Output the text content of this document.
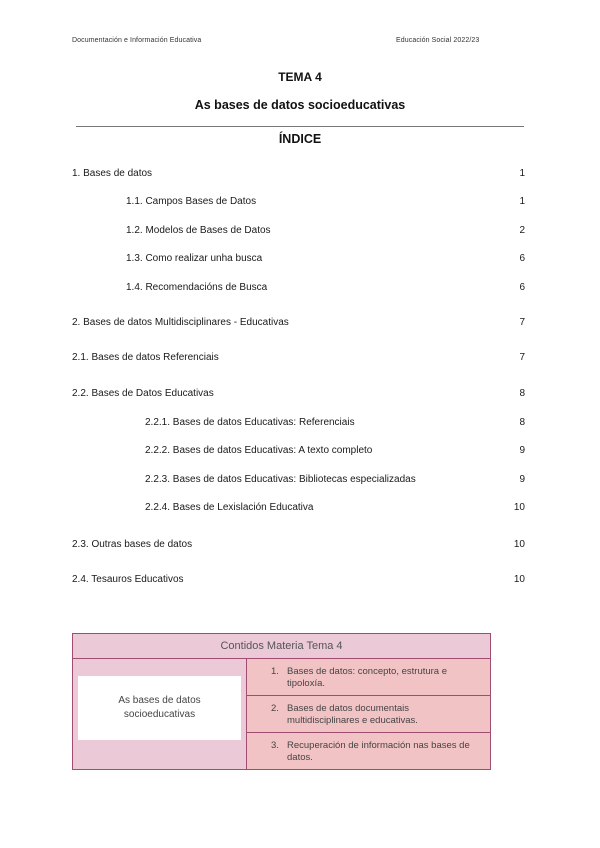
Documentación e Información Educativa	Educación Social 2022/23
TEMA 4
As bases de datos socioeducativas
ÍNDICE
1. Bases de datos	1
1.1. Campos Bases de Datos	1
1.2. Modelos de Bases de Datos	2
1.3. Como realizar unha busca	6
1.4. Recomendacións de Busca	6
2. Bases de datos Multidisciplinares - Educativas	7
2.1. Bases de datos Referenciais	7
2.2. Bases de Datos Educativas	8
2.2.1. Bases de datos Educativas: Referenciais	8
2.2.2. Bases de datos Educativas: A texto completo	9
2.2.3. Bases de datos Educativas: Bibliotecas especializadas	9
2.2.4. Bases de Lexislación Educativa	10
2.3. Outras bases de datos	10
2.4. Tesauros Educativos	10
Contidos Materia Tema 4
As bases de datos socioeducativas
1. Bases de datos: concepto, estrutura e tipoloxía.
2. Bases de datos documentais multidisciplinares e educativas.
3. Recuperación de información nas bases de datos.
